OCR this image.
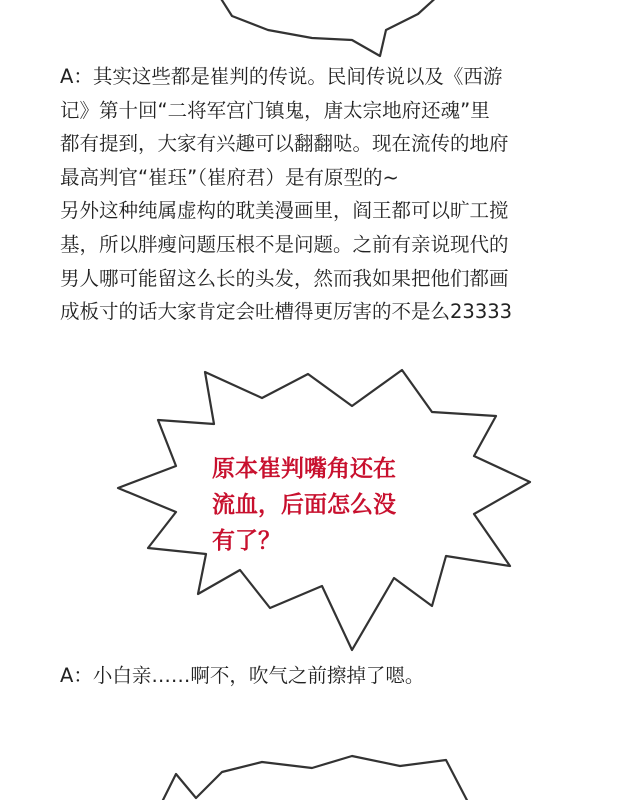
A：其实这些都是崔判的传说。民间传说以及《西游
记》第十回“二将军宫门镇鬼，唐太宗地府还魂”里
都有提到，大家有兴趣可以翻翻哒。现在流传的地府
最高判官“崔珏”（崔府君）是有原型的~
另外这种纯属虚构的耽美漫画里，阎王都可以旷工搅
基，所以胖瘦问题压根不是问题。之前有亲说现代的
男人哪可能留这么长的头发，然而我如果把他们都画
成板寸的话大家肯定会吐槽得更厉害的不是么23333

原本崔判嘴角还在
流血，后面怎么没
有了？

A：小白亲……啊不，吹气之前擦掉了嗯。
